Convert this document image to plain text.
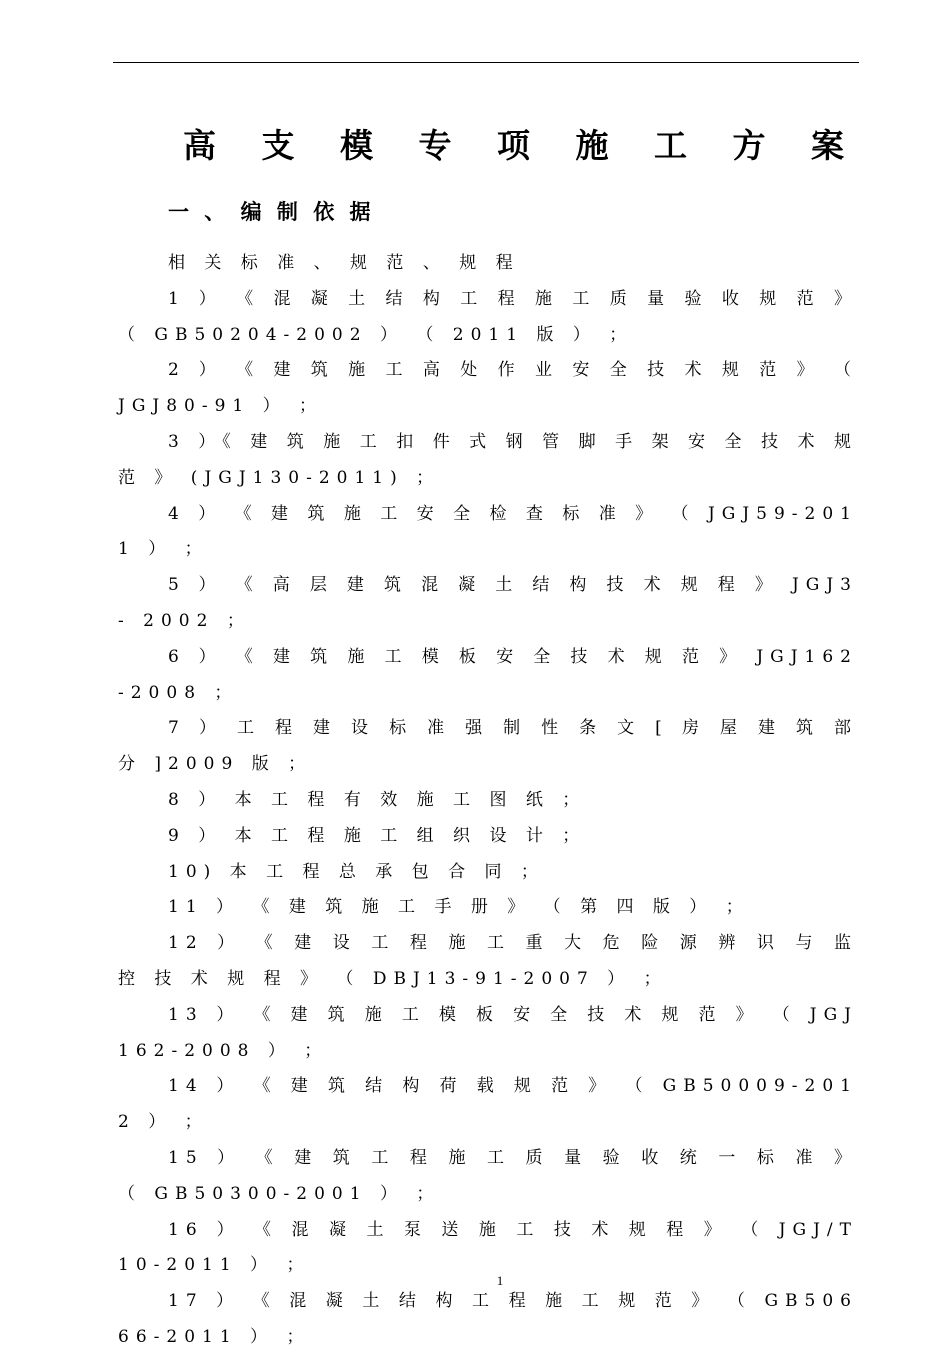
高 支 模 专 项 施 工 方 案
一 、 编 制 依 据
相 关 标 准 、 规 范 、 规 程
1 ） 《 混 凝 土 结 构 工 程 施 工 质 量 验 收 规 范 》 （ GB50204-2002 ） （ 2011 版 ） ；
2 ） 《 建 筑 施 工 高 处 作 业 安 全 技 术 规 范 》 （ JGJ80-91 ） ；
3 ）《 建 筑 施 工 扣 件 式 钢 管 脚 手 架 安 全 技 术 规 范 》 (JGJ130-2011) ；
4 ） 《 建 筑 施 工 安 全 检 查 标 准 》 （ JGJ59-2011 ） ；
5 ） 《 高 层 建 筑 混 凝 土 结 构 技 术 规 程 》 JGJ3 - 2002 ；
6 ） 《 建 筑 施 工 模 板 安 全 技 术 规 范 》 JGJ162-2008 ；
7 ） 工 程 建 设 标 准 强 制 性 条 文 [ 房 屋 建 筑 部 分 ]2009 版 ；
8 ） 本 工 程 有 效 施 工 图 纸 ；
9 ） 本 工 程 施 工 组 织 设 计 ；
10) 本 工 程 总 承 包 合 同 ；
11 ） 《 建 筑 施 工 手 册 》 （ 第 四 版 ） ；
12 ） 《 建 设 工 程 施 工 重 大 危 险 源 辨 识 与 监 控 技 术 规 程 》 （ DBJ13-91-2007 ） ；
13 ） 《 建 筑 施 工 模 板 安 全 技 术 规 范 》 （ JGJ162-2008 ） ；
14 ） 《 建 筑 结 构 荷 载 规 范 》 （ GB50009-2012 ） ；
15 ） 《 建 筑 工 程 施 工 质 量 验 收 统 一 标 准 》 （ GB50300-2001 ） ；
16 ） 《 混 凝 土 泵 送 施 工 技 术 规 程 》 （ JGJ/T10-2011 ） ；
17 ） 《 混 凝 土 结 构 工 程 施 工 规 范 》 （ GB50666-2011 ） ；
1
